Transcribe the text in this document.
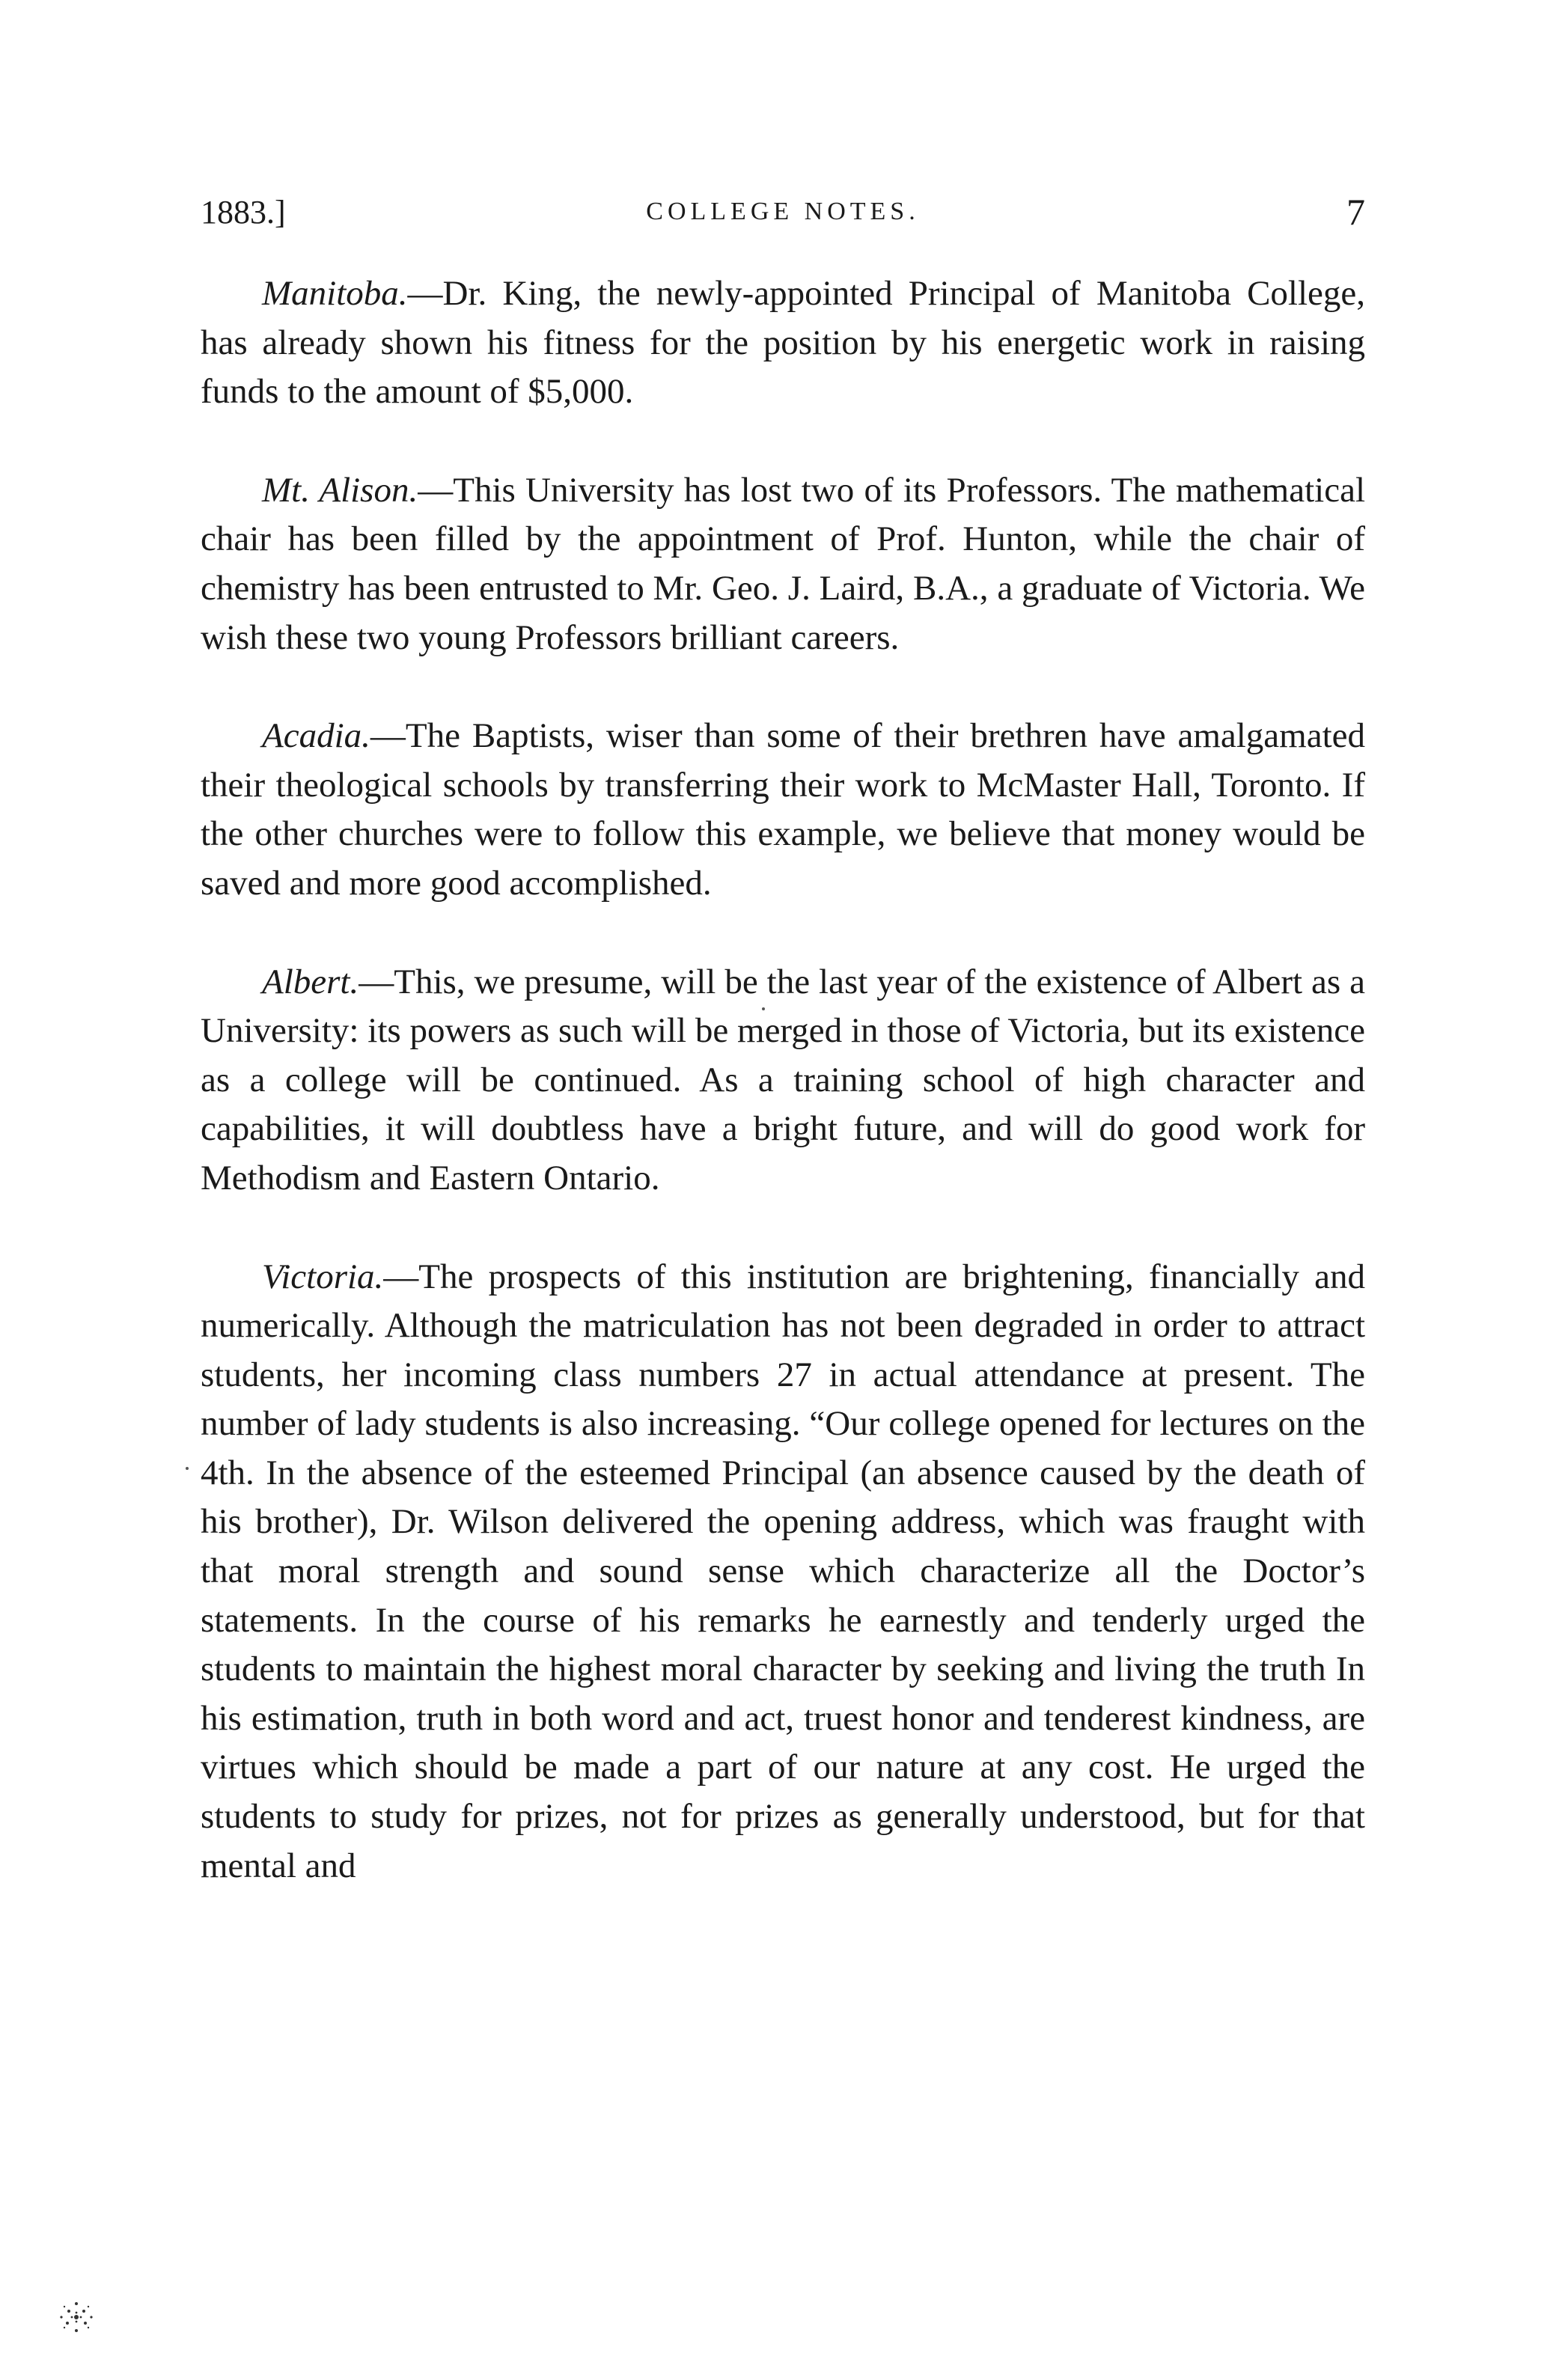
1883.]	COLLEGE NOTES.	7

Manitoba.—Dr. King, the newly-appointed Principal of Manitoba College, has already shown his fitness for the position by his energetic work in raising funds to the amount of $5,000.

Mt. Alison.—This University has lost two of its Professors. The mathematical chair has been filled by the appointment of Prof. Hunton, while the chair of chemistry has been entrusted to Mr. Geo. J. Laird, B.A., a graduate of Victoria. We wish these two young Professors brilliant careers.

Acadia.—The Baptists, wiser than some of their brethren have amalgamated their theological schools by transferring their work to McMaster Hall, Toronto. If the other churches were to follow this example, we believe that money would be saved and more good accomplished.

Albert.—This, we presume, will be the last year of the existence of Albert as a University: its powers as such will be merged in those of Victoria, but its existence as a college will be continued. As a training school of high character and capabilities, it will doubtless have a bright future, and will do good work for Methodism and Eastern Ontario.

Victoria.—The prospects of this institution are brightening, financially and numerically. Although the matriculation has not been degraded in order to attract students, her incoming class numbers 27 in actual attendance at present. The number of lady students is also increasing. “Our college opened for lectures on the 4th. In the absence of the esteemed Principal (an absence caused by the death of his brother), Dr. Wilson delivered the opening address, which was fraught with that moral strength and sound sense which characterize all the Doctor’s statements. In the course of his remarks he earnestly and tenderly urged the students to maintain the highest moral character by seeking and living the truth In his estimation, truth in both word and act, truest honor and tenderest kindness, are virtues which should be made a part of our nature at any cost. He urged the students to study for prizes, not for prizes as generally understood, but for that mental and
